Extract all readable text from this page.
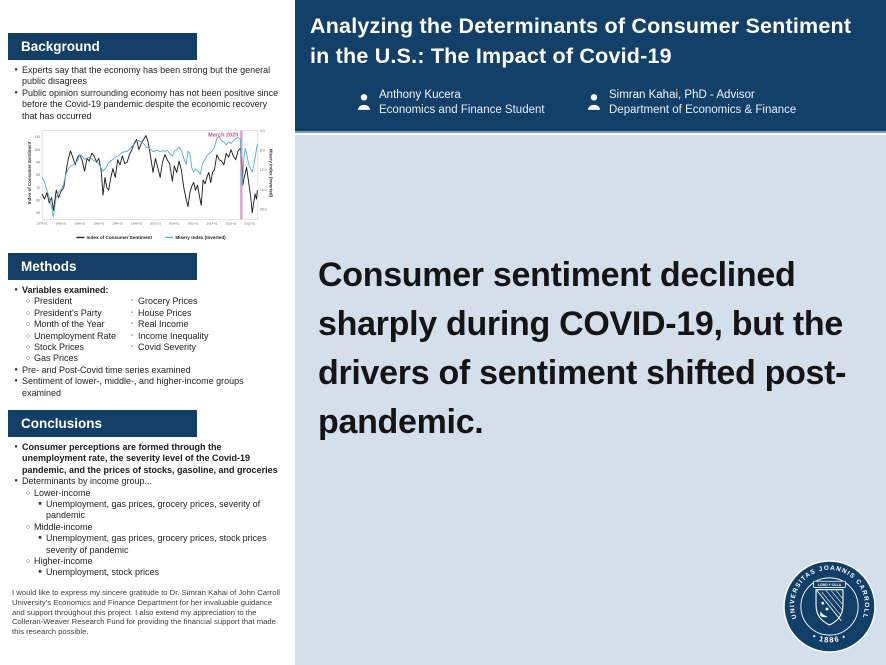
Background
● Experts say that the economy has been strong but the general public disagrees
● Public opinion surrounding economy has not been positive since before the Covid-19 pandemic despite the economic recovery that has occurred
Index of Consumer Sentiment	Misery Index (Inverted)
50
60
70
80
90
100
110
4.0
8.0
12.0
16.0
20.0
1978-01	1982-01	1986-01	1990-01	1994-01	1998-01	2002-01	2006-01	2010-01	2014-01	2018-01	2022-01
March 2020
Index of Consumer Sentiment	Misery Index (Inverted)
Methods
● Variables examined:
○ President
○ President's Party
○ Month of the Year
○ Unemployment Rate
○ Stock Prices
○ Gas Prices
▫ Grocery Prices
▫ House Prices
▫ Real Income
▫ Income Inequality
▫ Covid Severity
● Pre- and Post-Covid time series examined
● Sentiment of lower-, middle-, and higher-income groups examined
Conclusions
● Consumer perceptions are formed through the unemployment rate, the severity level of the Covid-19 pandemic, and the prices of stocks, gasoline, and groceries
● Determinants by income group...
○ Lower-income
■ Unemployment, gas prices, grocery prices, severity of pandemic
○ Middle-income
■ Unemployment, gas prices, grocery prices, stock prices severity of pandemic
○ Higher-income
■ Unemployment, stock prices

I would like to express my sincere gratitude to Dr. Simran Kahai of John Carroll University's Economics and Finance Department for her invaluable guidance and support throughout this project. I also extend my appreciation to the Colleran-Weaver Research Fund for providing the financial support that made this research possible.

Analyzing the Determinants of Consumer Sentiment in the U.S.: The Impact of Covid-19
Anthony Kucera
Economics and Finance Student
Simran Kahai, PhD - Advisor
Department of Economics & Finance
Consumer sentiment declined sharply during COVID-19, but the drivers of sentiment shifted post-pandemic.
UNIVERSITAS JOANNIS CARROLL
• 1886 •
LOBO·Y·OLLA
